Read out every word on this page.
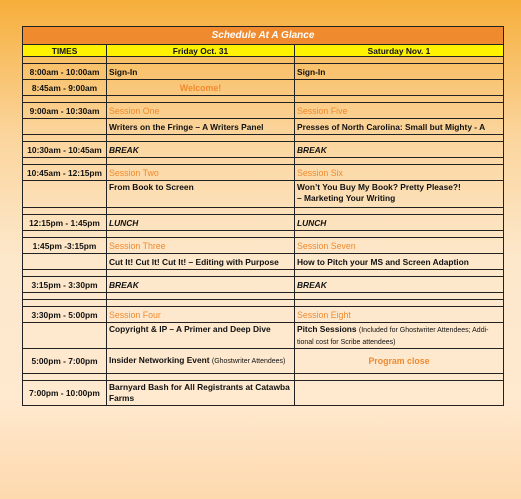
Schedule At A Glance		
TIMES	Friday Oct. 31	Saturday Nov. 1

8:00am - 10:00am	Sign-In	Sign-In
8:45am - 9:00am	Welcome!	

9:00am - 10:30am	Session One	Session Five
	Writers on the Fringe – A Writers Panel	Presses of North Carolina: Small but Mighty - A

10:30am - 10:45am	BREAK	BREAK

10:45am - 12:15pm	Session Two	Session Six
	From Book to Screen	Won’t You Buy My Book? Pretty Please?!
– Marketing Your Writing

12:15pm - 1:45pm	LUNCH	LUNCH

1:45pm -3:15pm	Session Three	Session Seven
	Cut It! Cut It! Cut It! – Editing with Purpose	How to Pitch your MS and Screen Adaption

3:15pm - 3:30pm	BREAK	BREAK

3:30pm - 5:00pm	Session Four	Session Eight
	Copyright & IP – A Primer and Deep Dive	Pitch Sessions (Included for Ghostwriter Attendees; Addi-tional cost for Scribe attendees)
5:00pm - 7:00pm	Insider Networking Event (Ghostwriter Attendees)	Program close

7:00pm - 10:00pm	Barnyard Bash for All Registrants at Catawba Farms	
